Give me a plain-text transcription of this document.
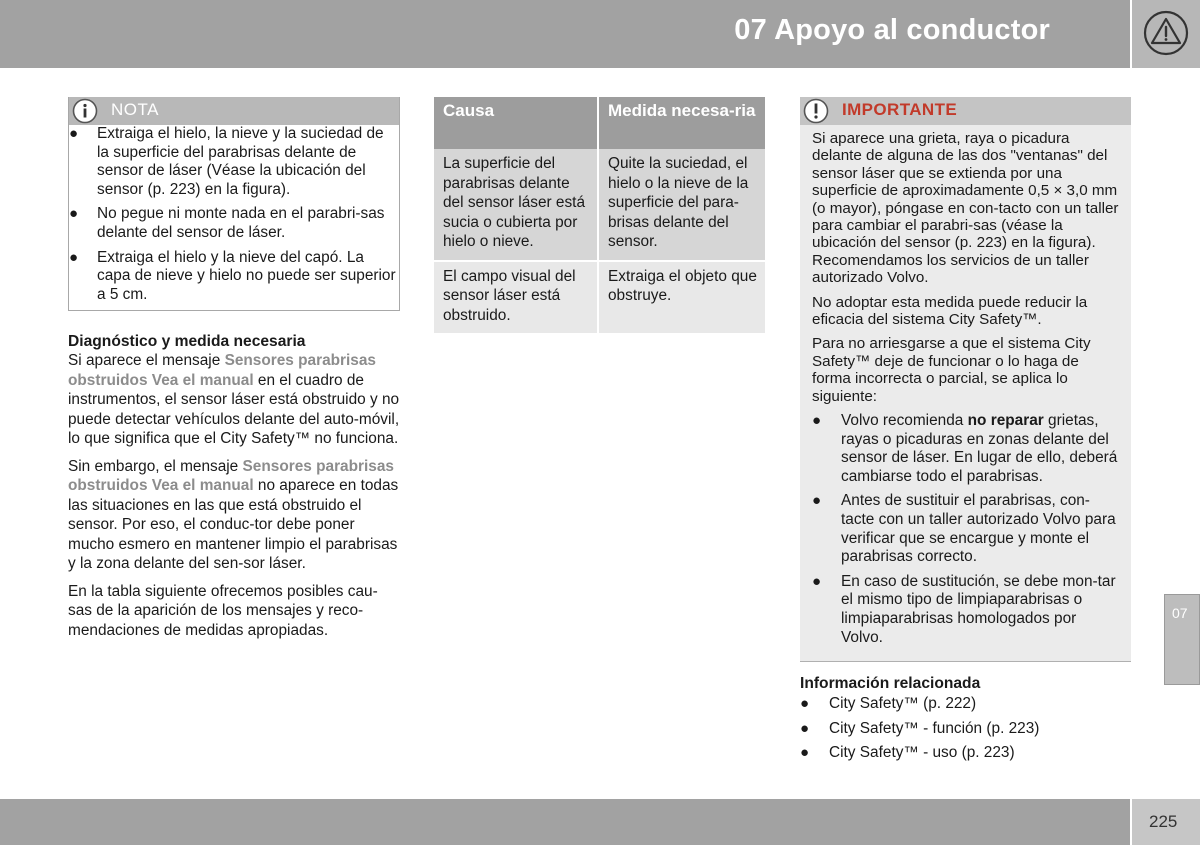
07 Apoyo al conductor
NOTA
● Extraiga el hielo, la nieve y la suciedad de la superficie del parabrisas delante de sensor de láser (Véase la ubicación del sensor (p. 223) en la figura).
● No pegue ni monte nada en el parabri-sas delante del sensor de láser.
● Extraiga el hielo y la nieve del capó. La capa de nieve y hielo no puede ser superior a 5 cm.

Diagnóstico y medida necesaria

Si aparece el mensaje Sensores parabrisas obstruidos Vea el manual en el cuadro de instrumentos, el sensor láser está obstruido y no puede detectar vehículos delante del auto-móvil, lo que significa que el City Safety™ no funciona.

Sin embargo, el mensaje Sensores parabrisas obstruidos Vea el manual no aparece en todas las situaciones en las que está obstruido el sensor. Por eso, el conduc-tor debe poner mucho esmero en mantener limpio el parabrisas y la zona delante del sen-sor láser.

En la tabla siguiente ofrecemos posibles cau-sas de la aparición de los mensajes y reco-mendaciones de medidas apropiadas.

Causa	Medida necesa-ria
La superficie del parabrisas delante del sensor láser está sucia o cubierta por hielo o nieve.	Quite la suciedad, el hielo o la nieve de la superficie del para-brisas delante del sensor.
El campo visual del sensor láser está obstruido.	Extraiga el objeto que obstruye.
IMPORTANTE

Si aparece una grieta, raya o picadura delante de alguna de las dos "ventanas" del sensor láser que se extienda por una superficie de aproximadamente 0,5 × 3,0 mm (o mayor), póngase en con-tacto con un taller para cambiar el parabri-sas (véase la ubicación del sensor (p. 223) en la figura). Recomendamos los servicios de un taller autorizado Volvo.

No adoptar esta medida puede reducir la eficacia del sistema City Safety™.

Para no arriesgarse a que el sistema City Safety™ deje de funcionar o lo haga de forma incorrecta o parcial, se aplica lo siguiente:

● Volvo recomienda no reparar grietas, rayas o picaduras en zonas delante del sensor de láser. En lugar de ello, deberá cambiarse todo el parabrisas.
● Antes de sustituir el parabrisas, con-tacte con un taller autorizado Volvo para verificar que se encargue y monte el parabrisas correcto.
● En caso de sustitución, se debe mon-tar el mismo tipo de limpiaparabrisas o limpiaparabrisas homologados por Volvo.

Información relacionada

● City Safety™ (p. 222)
● City Safety™ - función (p. 223)
● City Safety™ - uso (p. 223)
07
225
